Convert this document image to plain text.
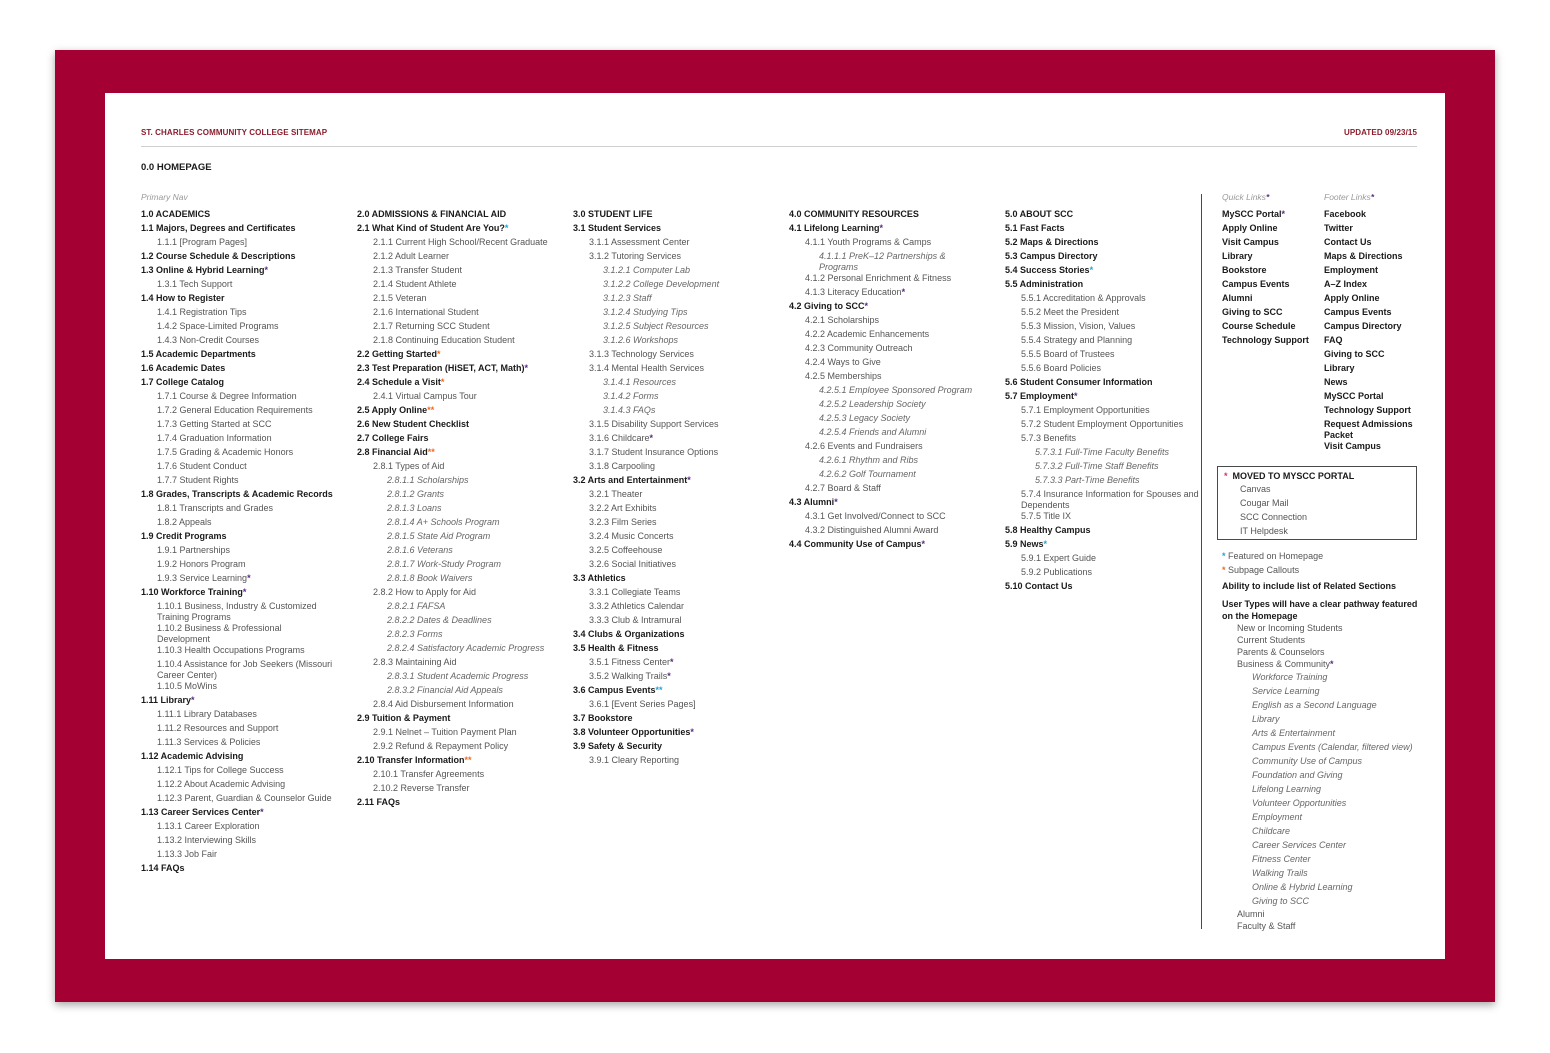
ST. CHARLES COMMUNITY COLLEGE SITEMAP	UPDATED 09/23/15
0.0 HOMEPAGE
Primary Nav
1.0 ACADEMICS
1.1 Majors, Degrees and Certificates
1.1.1 [Program Pages]
1.2 Course Schedule & Descriptions
1.3 Online & Hybrid Learning*
1.3.1 Tech Support
1.4 How to Register
1.4.1 Registration Tips
1.4.2 Space-Limited Programs
1.4.3 Non-Credit Courses
1.5 Academic Departments
1.6 Academic Dates
1.7 College Catalog
1.7.1 Course & Degree Information
1.7.2 General Education Requirements
1.7.3 Getting Started at SCC
1.7.4 Graduation Information
1.7.5 Grading & Academic Honors
1.7.6 Student Conduct
1.7.7 Student Rights
1.8 Grades, Transcripts & Academic Records
1.8.1 Transcripts and Grades
1.8.2 Appeals
1.9 Credit Programs
1.9.1 Partnerships
1.9.2 Honors Program
1.9.3 Service Learning*
1.10 Workforce Training*
1.10.1 Business, Industry & Customized Training Programs
1.10.2 Business & Professional Development
1.10.3 Health Occupations Programs
1.10.4 Assistance for Job Seekers (Missouri Career Center)
1.10.5 MoWins
1.11 Library*
1.11.1 Library Databases
1.11.2 Resources and Support
1.11.3 Services & Policies
1.12 Academic Advising
1.12.1 Tips for College Success
1.12.2 About Academic Advising
1.12.3 Parent, Guardian & Counselor Guide
1.13 Career Services Center*
1.13.1 Career Exploration
1.13.2 Interviewing Skills
1.13.3 Job Fair
1.14 FAQs
2.0 ADMISSIONS & FINANCIAL AID
2.1 What Kind of Student Are You?*
2.1.1 Current High School/Recent Graduate
2.1.2 Adult Learner
2.1.3 Transfer Student
2.1.4 Student Athlete
2.1.5 Veteran
2.1.6 International Student
2.1.7 Returning SCC Student
2.1.8 Continuing Education Student
2.2 Getting Started*
2.3 Test Preparation (HiSET, ACT, Math)*
2.4 Schedule a Visit*
2.4.1 Virtual Campus Tour
2.5 Apply Online**
2.6 New Student Checklist
2.7 College Fairs
2.8 Financial Aid**
2.8.1 Types of Aid
2.8.1.1 Scholarships
2.8.1.2 Grants
2.8.1.3 Loans
2.8.1.4 A+ Schools Program
2.8.1.5 State Aid Program
2.8.1.6 Veterans
2.8.1.7 Work-Study Program
2.8.1.8 Book Waivers
2.8.2 How to Apply for Aid
2.8.2.1 FAFSA
2.8.2.2 Dates & Deadlines
2.8.2.3 Forms
2.8.2.4 Satisfactory Academic Progress
2.8.3 Maintaining Aid
2.8.3.1 Student Academic Progress
2.8.3.2 Financial Aid Appeals
2.8.4 Aid Disbursement Information
2.9 Tuition & Payment
2.9.1 Nelnet – Tuition Payment Plan
2.9.2 Refund & Repayment Policy
2.10 Transfer Information**
2.10.1 Transfer Agreements
2.10.2 Reverse Transfer
2.11 FAQs
3.0 STUDENT LIFE
3.1 Student Services
3.1.1 Assessment Center
3.1.2 Tutoring Services
3.1.2.1 Computer Lab
3.1.2.2 College Development
3.1.2.3 Staff
3.1.2.4 Studying Tips
3.1.2.5 Subject Resources
3.1.2.6 Workshops
3.1.3 Technology Services
3.1.4 Mental Health Services
3.1.4.1 Resources
3.1.4.2 Forms
3.1.4.3 FAQs
3.1.5 Disability Support Services
3.1.6 Childcare*
3.1.7 Student Insurance Options
3.1.8 Carpooling
3.2 Arts and Entertainment*
3.2.1 Theater
3.2.2 Art Exhibits
3.2.3 Film Series
3.2.4 Music Concerts
3.2.5 Coffeehouse
3.2.6 Social Initiatives
3.3 Athletics
3.3.1 Collegiate Teams
3.3.2 Athletics Calendar
3.3.3 Club & Intramural
3.4 Clubs & Organizations
3.5 Health & Fitness
3.5.1 Fitness Center*
3.5.2 Walking Trails*
3.6 Campus Events**
3.6.1 [Event Series Pages]
3.7 Bookstore
3.8 Volunteer Opportunities*
3.9 Safety & Security
3.9.1 Cleary Reporting
4.0 COMMUNITY RESOURCES
4.1 Lifelong Learning*
4.1.1 Youth Programs & Camps
4.1.1.1 PreK–12 Partnerships & Programs
4.1.2 Personal Enrichment & Fitness
4.1.3 Literacy Education*
4.2 Giving to SCC*
4.2.1 Scholarships
4.2.2 Academic Enhancements
4.2.3 Community Outreach
4.2.4 Ways to Give
4.2.5 Memberships
4.2.5.1 Employee Sponsored Program
4.2.5.2 Leadership Society
4.2.5.3 Legacy Society
4.2.5.4 Friends and Alumni
4.2.6 Events and Fundraisers
4.2.6.1 Rhythm and Ribs
4.2.6.2 Golf Tournament
4.2.7 Board & Staff
4.3 Alumni*
4.3.1 Get Involved/Connect to SCC
4.3.2 Distinguished Alumni Award
4.4 Community Use of Campus*
5.0 ABOUT SCC
5.1 Fast Facts
5.2 Maps & Directions
5.3 Campus Directory
5.4 Success Stories*
5.5 Administration
5.5.1 Accreditation & Approvals
5.5.2 Meet the President
5.5.3 Mission, Vision, Values
5.5.4 Strategy and Planning
5.5.5 Board of Trustees
5.5.6 Board Policies
5.6 Student Consumer Information
5.7 Employment*
5.7.1 Employment Opportunities
5.7.2 Student Employment Opportunities
5.7.3 Benefits
5.7.3.1 Full-Time Faculty Benefits
5.7.3.2 Full-Time Staff Benefits
5.7.3.3 Part-Time Benefits
5.7.4 Insurance Information for Spouses and Dependents
5.7.5 Title IX
5.8 Healthy Campus
5.9 News*
5.9.1 Expert Guide
5.9.2 Publications
5.10 Contact Us
Quick Links*
MySCC Portal*
Apply Online
Visit Campus
Library
Bookstore
Campus Events
Alumni
Giving to SCC
Course Schedule
Technology Support
Footer Links*
Facebook
Twitter
Contact Us
Maps & Directions
Employment
A–Z Index
Apply Online
Campus Events
Campus Directory
FAQ
Giving to SCC
Library
News
MySCC Portal
Technology Support
Request Admissions Packet
Visit Campus
* MOVED TO MYSCC PORTAL
Canvas
Cougar Mail
SCC Connection
IT Helpdesk
* Featured on Homepage
* Subpage Callouts
Ability to include list of Related Sections
User Types will have a clear pathway featured on the Homepage
New or Incoming Students
Current Students
Parents & Counselors
Business & Community*
Workforce Training
Service Learning
English as a Second Language
Library
Arts & Entertainment
Campus Events (Calendar, filtered view)
Community Use of Campus
Foundation and Giving
Lifelong Learning
Volunteer Opportunities
Employment
Childcare
Career Services Center
Fitness Center
Walking Trails
Online & Hybrid Learning
Giving to SCC
Alumni
Faculty & Staff
